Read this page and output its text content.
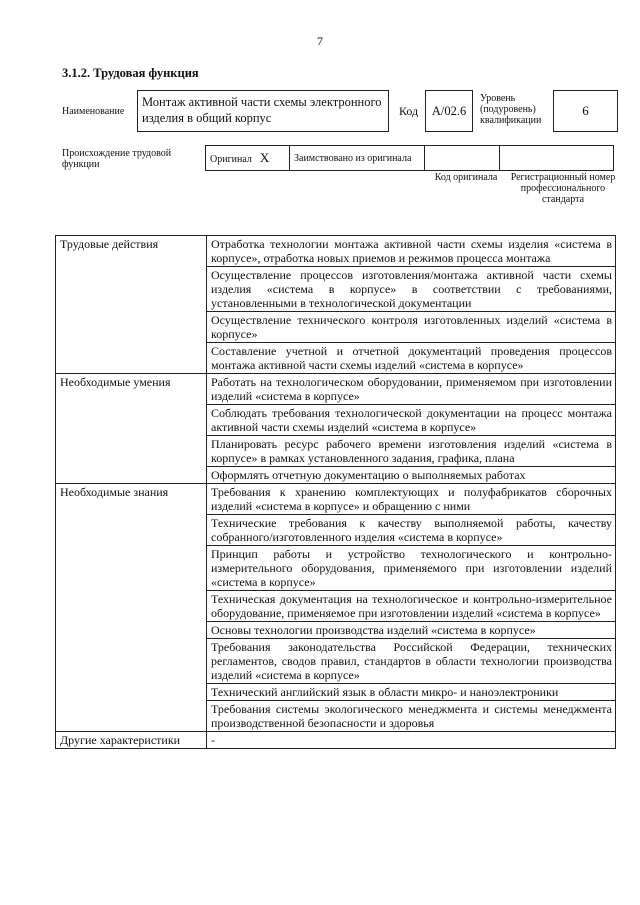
7
3.1.2. Трудовая функция
Наименование
Монтаж активной части схемы электронного изделия в общий корпус	Код A/02.6
Уровень (подуровень) квалификации
6
Происхождение трудовой функции	Оригинал X	Заимствовано из оригинала		
Код оригинала	Регистрационный номер профессионального стандарта
Трудовые действия	Отработка технологии монтажа активной части схемы изделия «система в корпусе», отработка новых приемов и режимов процесса монтажа
	Осуществление процессов изготовления/монтажа активной части схемы изделия «система в корпусе» в соответствии с требованиями, установленными в технологической документации
	Осуществление технического контроля изготовленных изделий «система в корпусе»
	Составление учетной и отчетной документаций проведения процессов монтажа активной части схемы изделий «система в корпусе»
Необходимые умения	Работать на технологическом оборудовании, применяемом при изготовлении изделий «система в корпусе»
	Соблюдать требования технологической документации на процесс монтажа активной части схемы изделий «система в корпусе»
	Планировать ресурс рабочего времени изготовления изделий «система в корпусе» в рамках установленного задания, графика, плана
	Оформлять отчетную документацию о выполняемых работах
Необходимые знания	Требования к хранению комплектующих и полуфабрикатов сборочных изделий «система в корпусе» и обращению с ними
	Технические требования к качеству выполняемой работы, качеству собранного/изготовленного изделия «система в корпусе»
	Принцип работы и устройство технологического и контрольно-измерительного оборудования, применяемого при изготовлении изделий «система в корпусе»
	Техническая документация на технологическое и контрольно-измерительное оборудование, применяемое при изготовлении изделий «система в корпусе»
	Основы технологии производства изделий «система в корпусе»
	Требования законодательства Российской Федерации, технических регламентов, сводов правил, стандартов в области технологии производства изделий «система в корпусе»
	Технический английский язык в области микро- и наноэлектроники
	Требования системы экологического менеджмента и системы менеджмента производственной безопасности и здоровья
Другие характеристики	-
